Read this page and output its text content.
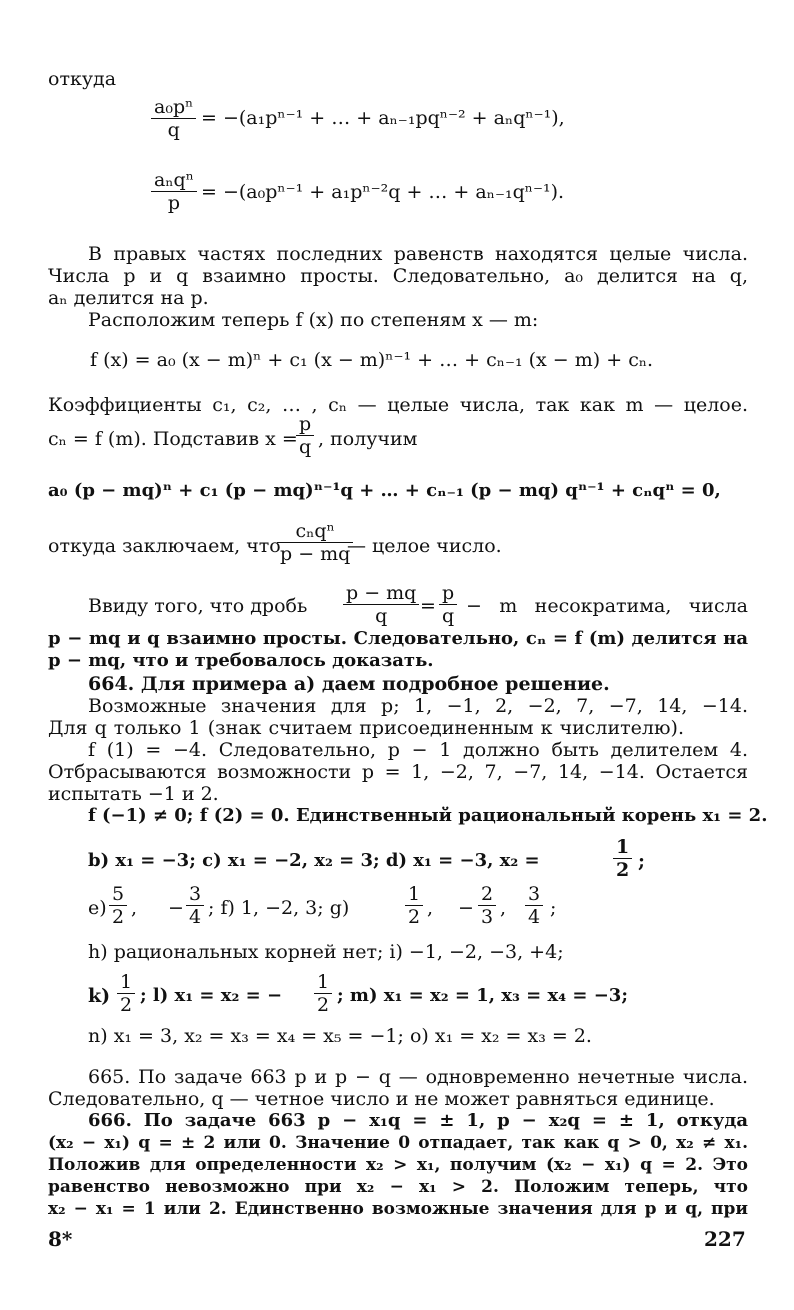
откуда
$\frac{\text{a₀pⁿ}}{q} = -(a_1p^{n-1}$ + … + aₙ₋₁pqⁿ⁻² + aₙqⁿ⁻¹),
aₙqⁿ
p	= −(a₀pⁿ⁻¹ + a₁pⁿ⁻²q + … + aₙ₋₁qⁿ⁻¹).
В правых частях последних равенств находятся целые числа.
Числа p и q взаимно просты. Следовательно, a₀ делится на q,
aₙ делится на p.
Расположим теперь f (x) по степеням x — m:
f (x) = a₀ (x − m)ⁿ + c₁ (x − m)ⁿ⁻¹ + … + cₙ₋₁ (x − m) + cₙ.
Коэффициенты c₁, c₂, … , cₙ — целые числа, так как m — целое.
cₙ = f (m). Подставив x =
$\frac{p}{q}$ , получим
a₀ (p − mq)ⁿ + c₁ (p − mq)ⁿ⁻¹q + … + cₙ₋₁ (p − mq) qⁿ⁻¹ + cₙqⁿ = 0,
откуда заключаем, что
cₙqⁿ
p − mq
— целое число.
Ввиду того, что дробь $\frac{p - mq}{q} = \frac{p}{q} - m$ несократима, числа
p − mq и q взаимно просты. Следовательно, cₙ = f (m) делится на
p − mq, что и требовалось доказать.
664. Для примера а) даем подробное решение.
Возможные значения для p; 1, −1, 2, −2, 7, −7, 14, −14.
Для q только 1 (знак считаем присоединенным к числителю).
f (1) = −4. Следовательно, p − 1 должно быть делителем 4.
Отбрасываются возможности p = 1, −2, 7, −7, 14, −14. Остается
испытать −1 и 2.
f (−1) ≠ 0; f (2) = 0. Единственный рациональный корень x₁ = 2.
b) x₁ = −3; c) x₁ = −2, x₂ = 3; d) x₁ = −3, x₂ =	$\frac{1}{2}$ ;
$e) \frac{5}{2}$ , − $\frac{3}{4}$ ; f) 1, −2, 3; g)	$\frac{1}{2}$ , − $\frac{2}{3}$ , $\frac{3}{4}$ ;
h) рациональных корней нет; i) −1, −2, −3, +4;
$k) \frac{1}{2}$ ; l) x₁ = x₂ = − $\frac{1}{2}$ ; m) x₁ = x₂ = 1, x₃ = x₄ = −3;
n) x₁ = 3, x₂ = x₃ = x₄ = x₅ = −1; o) x₁ = x₂ = x₃ = 2.
665. По задаче 663 p и p − q — одновременно нечетные числа.
Следовательно, q — четное число и не может равняться единице.
666. По задаче 663 p − x₁q = ± 1, p − x₂q = ± 1, откуда
(x₂ − x₁) q = ± 2 или 0. Значение 0 отпадает, так как q > 0, x₂ ≠ x₁.
Положив для определенности x₂ > x₁, получим (x₂ − x₁) q = 2. Это
равенство невозможно при x₂ − x₁ > 2. Положим теперь, что
x₂ − x₁ = 1 или 2. Единственно возможные значения для p и q, при
8*	227
